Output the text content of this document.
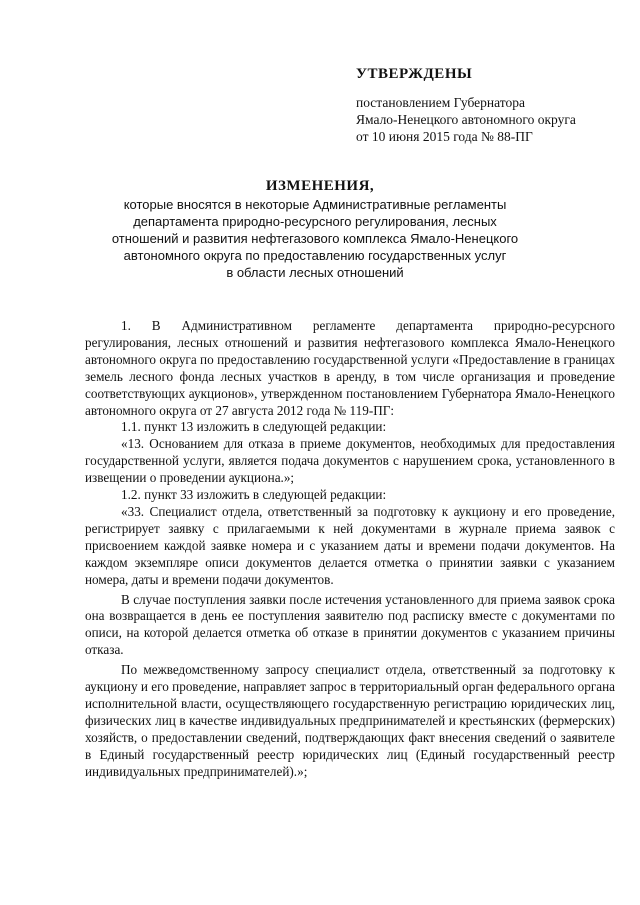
УТВЕРЖДЕНЫ
постановлением Губернатора
Ямало-Ненецкого автономного округа
от 10 июня 2015 года № 88-ПГ
ИЗМЕНЕНИЯ,
которые вносятся в некоторые Административные регламенты
департамента природно-ресурсного регулирования, лесных
отношений и развития нефтегазового комплекса Ямало-Ненецкого
автономного округа по предоставлению государственных услуг
в области лесных отношений

1. В Административном регламенте департамента природно-ресурсного регулирования, лесных отношений и развития нефтегазового комплекса Ямало-Ненецкого автономного округа по предоставлению государственной услуги «Предоставление в границах земель лесного фонда лесных участков в аренду, в том числе организация и проведение соответствующих аукционов», утвержденном постановлением Губернатора Ямало-Ненецкого автономного округа от 27 августа 2012 года № 119-ПГ:

1.1. пункт 13 изложить в следующей редакции:

«13. Основанием для отказа в приеме документов, необходимых для предоставления государственной услуги, является подача документов с нарушением срока, установленного в извещении о проведении аукциона.»;

1.2. пункт 33 изложить в следующей редакции:

«33. Специалист отдела, ответственный за подготовку к аукциону и его проведение, регистрирует заявку с прилагаемыми к ней документами в журнале приема заявок с присвоением каждой заявке номера и с указанием даты и времени подачи документов. На каждом экземпляре описи документов делается отметка о принятии заявки с указанием номера, даты и времени подачи документов.

В случае поступления заявки после истечения установленного для приема заявок срока она возвращается в день ее поступления заявителю под расписку вместе с документами по описи, на которой делается отметка об отказе в принятии документов с указанием причины отказа.

По межведомственному запросу специалист отдела, ответственный за подготовку к аукциону и его проведение, направляет запрос в территориальный орган федерального органа исполнительной власти, осуществляющего государственную регистрацию юридических лиц, физических лиц в качестве индивидуальных предпринимателей и крестьянских (фермерских) хозяйств, о предоставлении сведений, подтверждающих факт внесения сведений о заявителе в Единый государственный реестр юридических лиц (Единый государственный реестр индивидуальных предпринимателей).»;
